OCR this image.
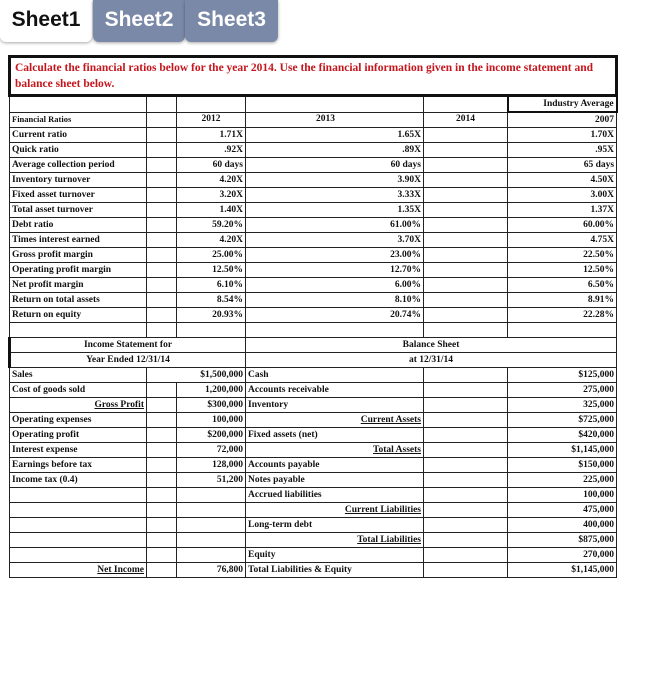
Sheet1	Sheet2	Sheet3
Calculate the financial ratios below for the year 2014. Use the financial information given in the income statement and balance sheet below.					
					Industry Average
Financial Ratios		2012	2013	2014	2007
Current ratio		1.71X	1.65X		1.70X
Quick ratio		.92X	.89X		.95X
Average collection period		60 days	60 days		65 days
Inventory turnover		4.20X	3.90X		4.50X
Fixed asset turnover		3.20X	3.33X		3.00X
Total asset turnover		1.40X	1.35X		1.37X
Debt ratio		59.20%	61.00%		60.00%
Times interest earned		4.20X	3.70X		4.75X
Gross profit margin		25.00%	23.00%		22.50%
Operating profit margin		12.50%	12.70%		12.50%
Net profit margin		6.10%	6.00%		6.50%
Return on total assets		8.54%	8.10%		8.91%
Return on equity		20.93%	20.74%		22.28%

Income Statement for			Balance Sheet		
Year Ended 12/31/14			at 12/31/14		
Sales	$1,500,000		Cash		$125,000
Cost of goods sold		1,200,000	Accounts receivable		275,000
Gross Profit		$300,000	Inventory		325,000
Operating expenses		100,000	Current Assets		$725,000
Operating profit		$200,000	Fixed assets (net)		$420,000
Interest expense		72,000	Total Assets		$1,145,000
Earnings before tax		128,000	Accounts payable		$150,000
Income tax (0.4)		51,200	Notes payable		225,000
			Accrued liabilities		100,000
			Current Liabilities		475,000
			Long-term debt		400,000
			Total Liabilities		$875,000
			Equity		270,000
Net Income		76,800	Total Liabilities & Equity		$1,145,000
